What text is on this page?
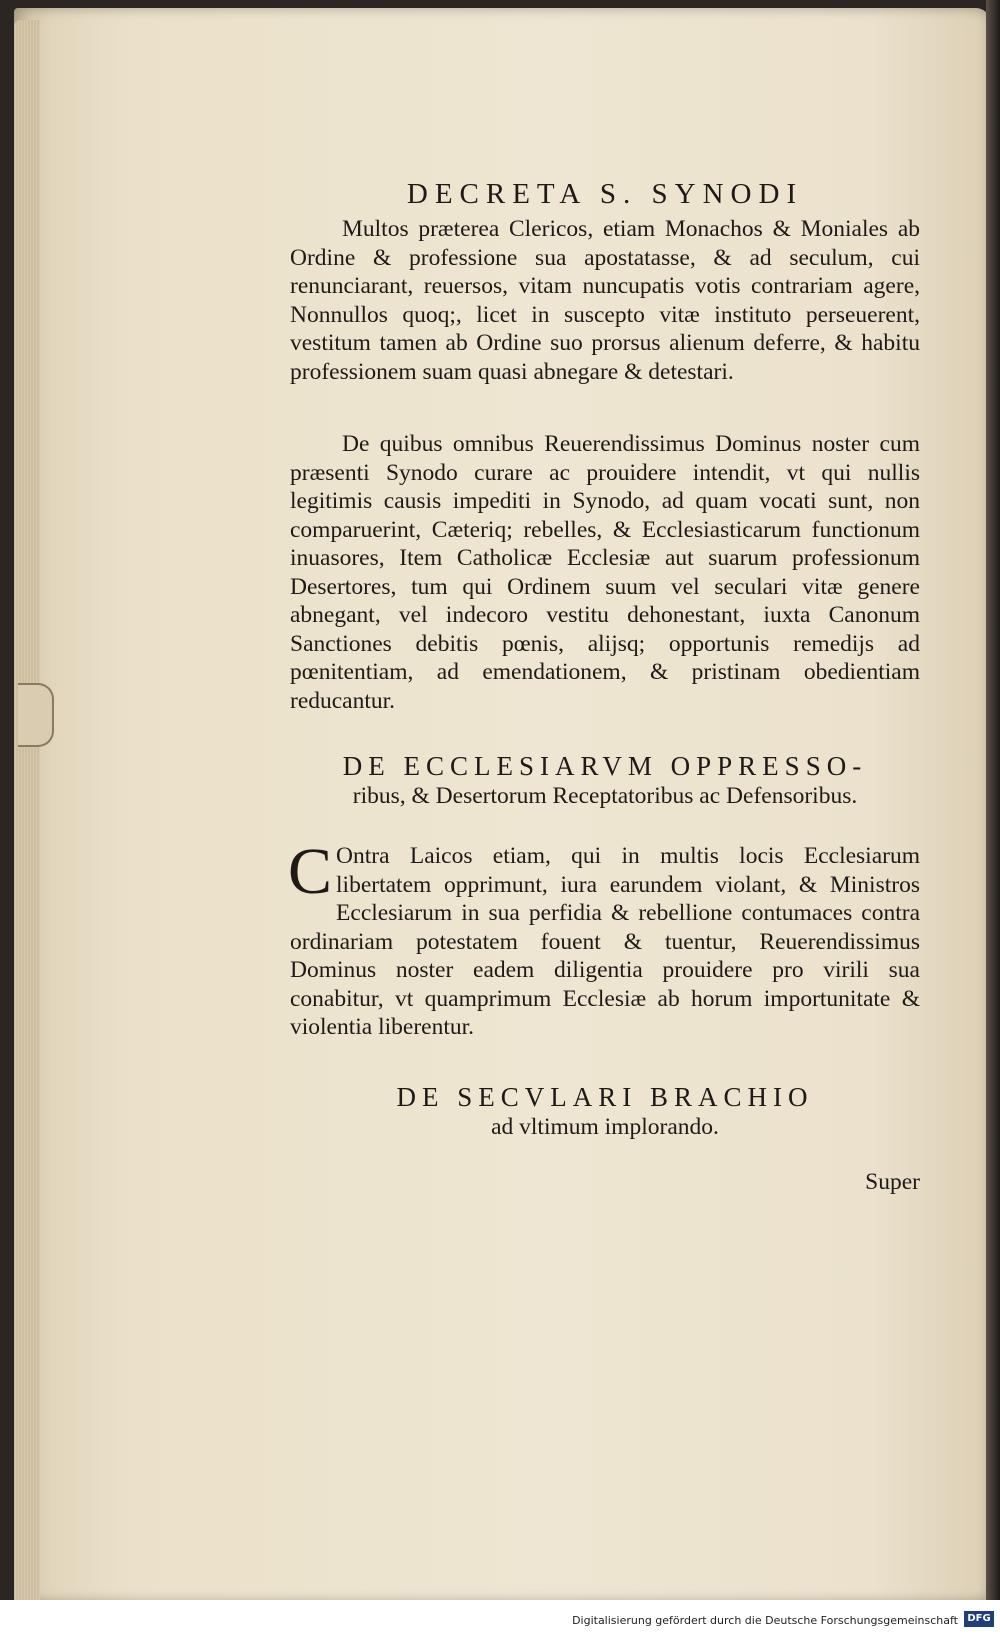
DECRETA S. SYNODI

Multos præterea Clericos, etiam Monachos & Moniales ab Ordine & professione sua apostatasse, & ad seculum, cui renunciarant, reuersos, vitam nuncupatis votis contrariam agere, Nonnullos quoq;, licet in suscepto vitæ instituto perseuerent, vestitum tamen ab Ordine suo prorsus alienum deferre, & habitu professionem suam quasi abnegare & detestari.

De quibus omnibus Reuerendissimus Dominus noster cum præsenti Synodo curare ac prouidere intendit, vt qui nullis legitimis causis impediti in Synodo, ad quam vocati sunt, non comparuerint, Cæteriq; rebelles, & Ecclesiasticarum functionum inuasores, Item Catholicæ Ecclesiæ aut suarum professionum Desertores, tum qui Ordinem suum vel seculari vitæ genere abnegant, vel indecoro vestitu dehonestant, iuxta Canonum Sanctiones debitis pœnis, alijsq; opportunis remedijs ad pœnitentiam, ad emendationem, & pristinam obedientiam reducantur.

DE ECCLESIARVM OPPRESSO-
ribus, & Desertorum Receptatoribus ac Defensoribus.

C Ontra Laicos etiam, qui in multis locis Ecclesiarum libertatem opprimunt, iura earundem violant, & Ministros Ecclesiarum in sua perfidia & rebellione contumaces contra ordinariam potestatem fouent & tuentur, Reuerendissimus Dominus noster eadem diligentia prouidere pro virili sua conabitur, vt quamprimum Ecclesiæ ab horum importunitate & violentia liberentur.

DE SECVLARI BRACHIO
ad vltimum implorando.
Super
Digitalisierung gefördert durch die Deutsche Forschungsgemeinschaft DFG
